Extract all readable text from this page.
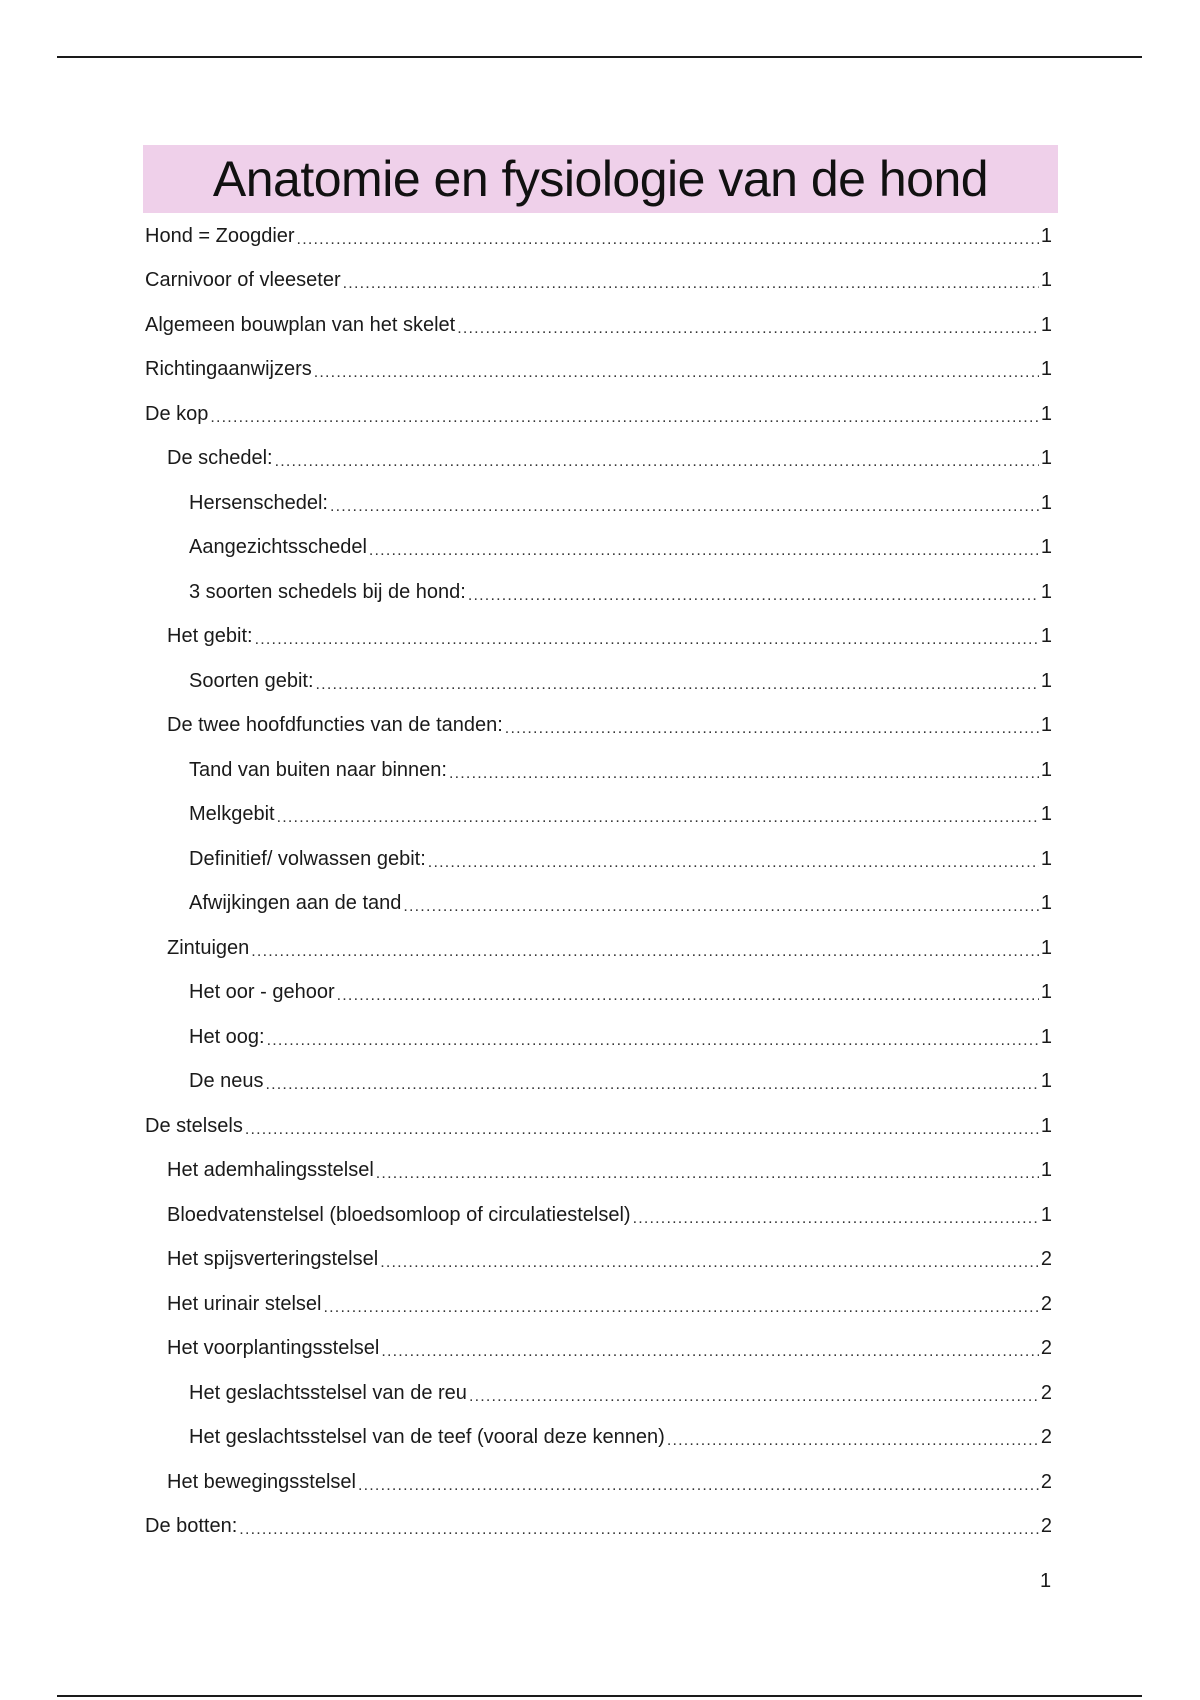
Anatomie en fysiologie van de hond
Hond = Zoogdier .....	1
Carnivoor of vleeseter .....	1
Algemeen bouwplan van het skelet .....	1
Richtingaanwijzers .....	1
De kop .....	1
De schedel: .....	1
Hersenschedel: .....	1
Aangezichtsschedel .....	1
3 soorten schedels bij de hond: .....	1
Het gebit: .....	1
Soorten gebit: .....	1
De twee hoofdfuncties van de tanden: .....	1
Tand van buiten naar binnen: .....	1
Melkgebit .....	1
Definitief/ volwassen gebit: .....	1
Afwijkingen aan de tand .....	1
Zintuigen .....	1
Het oor - gehoor .....	1
Het oog: .....	1
De neus .....	1
De stelsels .....	1
Het ademhalingsstelsel .....	1
Bloedvatenstelsel (bloedsomloop of circulatiestelsel) .....	1
Het spijsverteringstelsel .....	2
Het urinair stelsel .....	2
Het voorplantingsstelsel .....	2
Het geslachtsstelsel van de reu .....	2
Het geslachtsstelsel van de teef (vooral deze kennen) .....	2
Het bewegingsstelsel .....	2
De botten: .....	2
1
